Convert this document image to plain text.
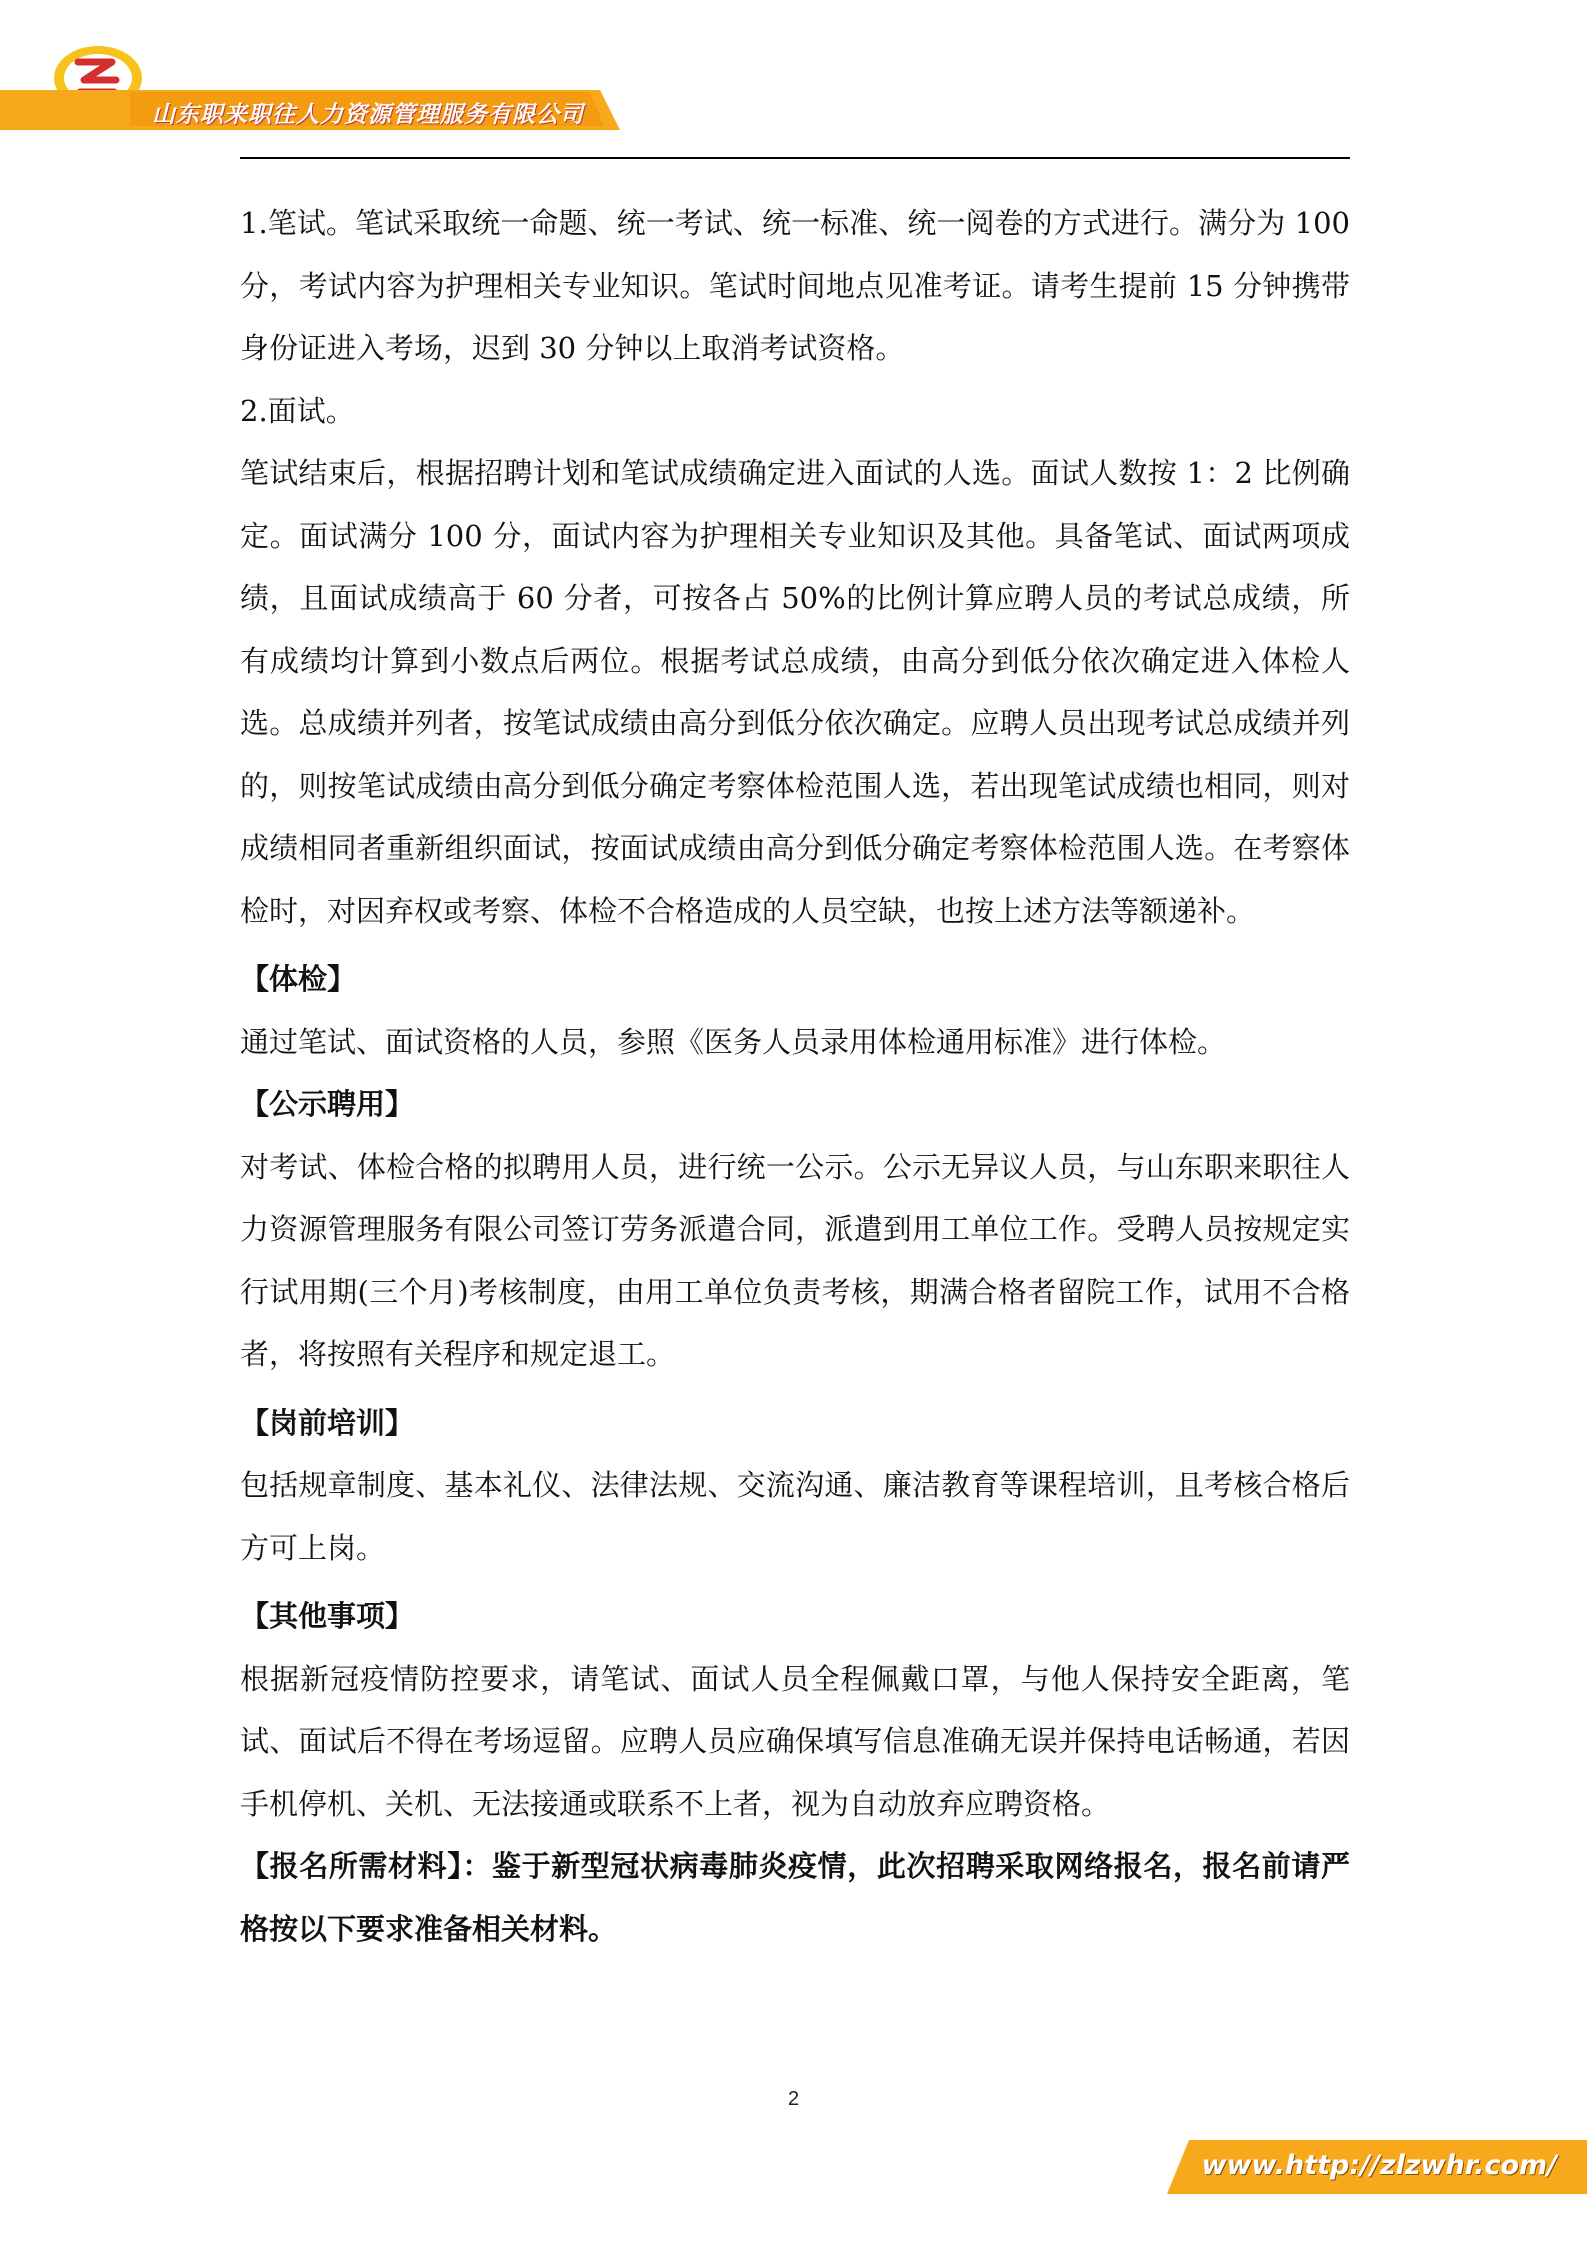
山东职来职往人力资源管理服务有限公司

1.笔试。笔试采取统一命题、统一考试、统一标准、统一阅卷的方式进行。满分为 100 分，考试内容为护理相关专业知识。笔试时间地点见准考证。请考生提前 15 分钟携带身份证进入考场，迟到 30 分钟以上取消考试资格。

2.面试。

笔试结束后，根据招聘计划和笔试成绩确定进入面试的人选。面试人数按 1：2 比例确定。面试满分 100 分，面试内容为护理相关专业知识及其他。具备笔试、面试两项成绩，且面试成绩高于 60 分者，可按各占 50%的比例计算应聘人员的考试总成绩，所有成绩均计算到小数点后两位。根据考试总成绩，由高分到低分依次确定进入体检人选。总成绩并列者，按笔试成绩由高分到低分依次确定。应聘人员出现考试总成绩并列的，则按笔试成绩由高分到低分确定考察体检范围人选，若出现笔试成绩也相同，则对成绩相同者重新组织面试，按面试成绩由高分到低分确定考察体检范围人选。在考察体检时，对因弃权或考察、体检不合格造成的人员空缺，也按上述方法等额递补。

【体检】

通过笔试、面试资格的人员，参照《医务人员录用体检通用标准》进行体检。

【公示聘用】

对考试、体检合格的拟聘用人员，进行统一公示。公示无异议人员，与山东职来职往人力资源管理服务有限公司签订劳务派遣合同，派遣到用工单位工作。受聘人员按规定实行试用期(三个月)考核制度，由用工单位负责考核，期满合格者留院工作，试用不合格者，将按照有关程序和规定退工。

【岗前培训】

包括规章制度、基本礼仪、法律法规、交流沟通、廉洁教育等课程培训，且考核合格后方可上岗。

【其他事项】

根据新冠疫情防控要求，请笔试、面试人员全程佩戴口罩，与他人保持安全距离，笔试、面试后不得在考场逗留。应聘人员应确保填写信息准确无误并保持电话畅通，若因手机停机、关机、无法接通或联系不上者，视为自动放弃应聘资格。

【报名所需材料】：鉴于新型冠状病毒肺炎疫情，此次招聘采取网络报名，报名前请严格按以下要求准备相关材料。

2
www.http://zlzwhr.com/
